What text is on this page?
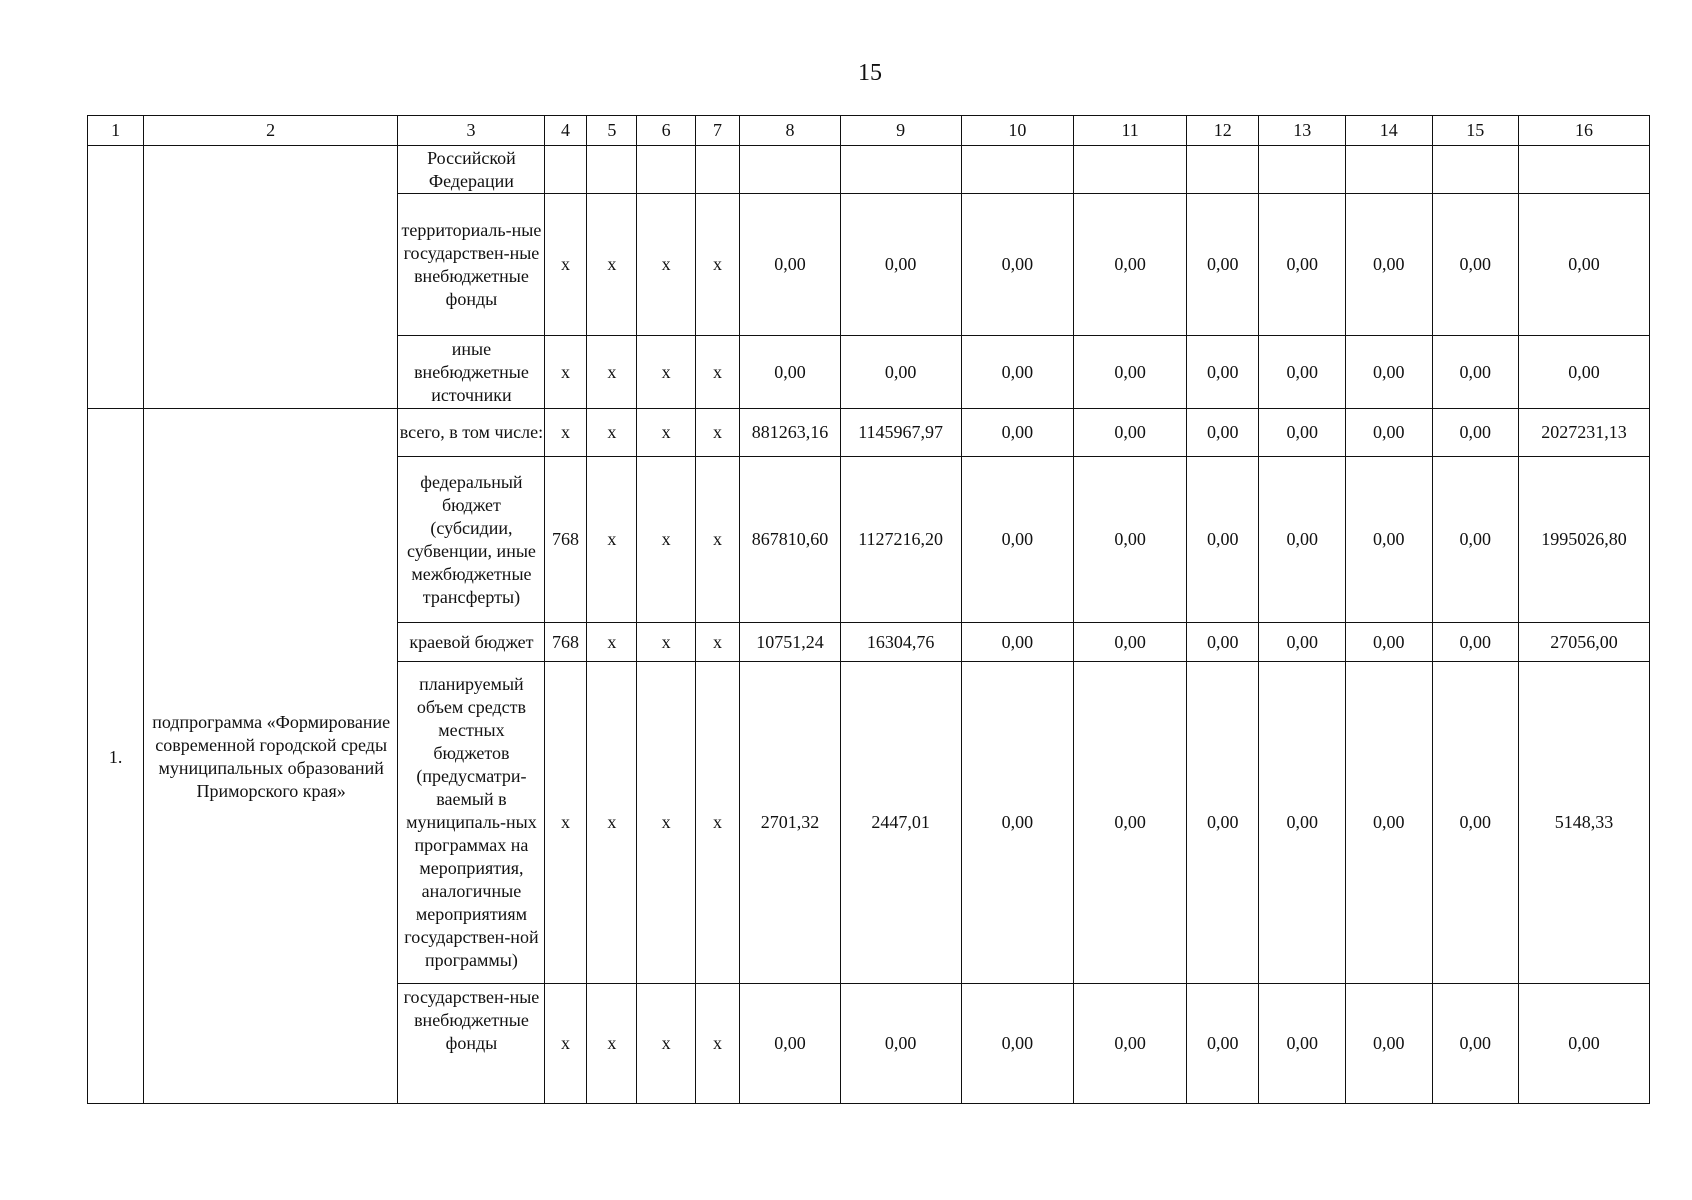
15
1	2	3	4	5	6	7	8	9	10	11	12	13	14	15	16
		Российской Федерации													
		территориаль-ные государствен-ные внебюджетные фонды	x	x	x	x	0,00	0,00	0,00	0,00	0,00	0,00	0,00	0,00	0,00
		иные внебюджетные источники	x	x	x	x	0,00	0,00	0,00	0,00	0,00	0,00	0,00	0,00	0,00
1.	подпрограмма «Формирование современной городской среды муниципальных образований Приморского края»	всего, в том числе:	x	x	x	x	881263,16	1145967,97	0,00	0,00	0,00	0,00	0,00	0,00	2027231,13
		федеральный бюджет (субсидии, субвенции, иные межбюджетные трансферты)	768	x	x	x	867810,60	1127216,20	0,00	0,00	0,00	0,00	0,00	0,00	1995026,80
		краевой бюджет	768	x	x	x	10751,24	16304,76	0,00	0,00	0,00	0,00	0,00	0,00	27056,00
		планируемый объем средств местных бюджетов (предусматри-ваемый в муниципаль-ных программах на мероприятия, аналогичные мероприятиям государствен-ной программы)	x	x	x	x	2701,32	2447,01	0,00	0,00	0,00	0,00	0,00	0,00	5148,33
		государствен-ные внебюджетные фонды	x	x	x	x	0,00	0,00	0,00	0,00	0,00	0,00	0,00	0,00	0,00
